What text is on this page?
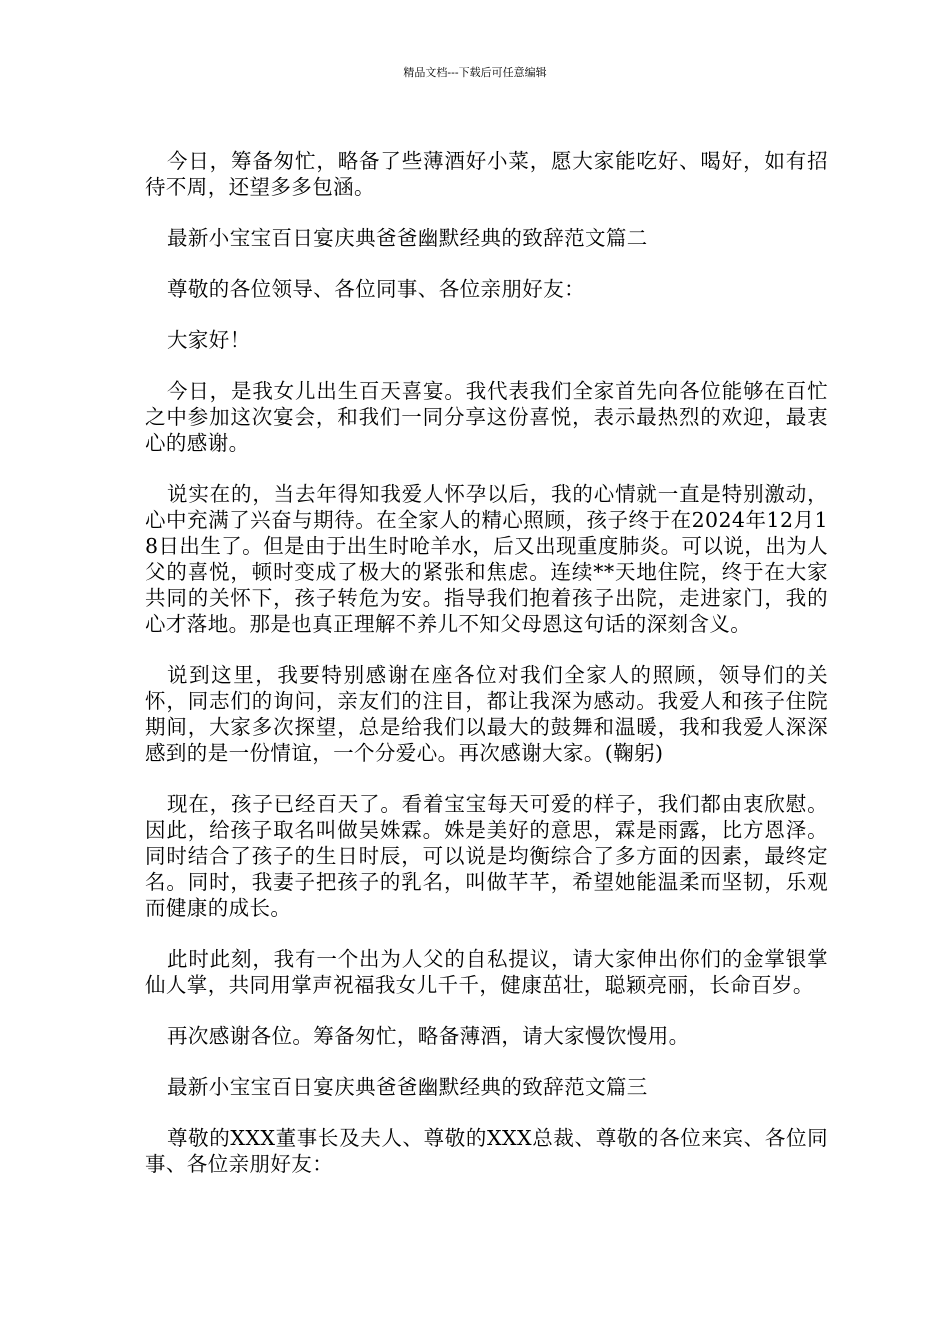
精品文档---下载后可任意编辑

今日，筹备匆忙，略备了些薄酒好小菜，愿大家能吃好、喝好，如有招待不周，还望多多包涵。

最新小宝宝百日宴庆典爸爸幽默经典的致辞范文篇二

尊敬的各位领导、各位同事、各位亲朋好友：

大家好！

今日，是我女儿出生百天喜宴。我代表我们全家首先向各位能够在百忙之中参加这次宴会，和我们一同分享这份喜悦，表示最热烈的欢迎，最衷心的感谢。

说实在的，当去年得知我爱人怀孕以后，我的心情就一直是特别激动，心中充满了兴奋与期待。在全家人的精心照顾，孩子终于在2024年12月18日出生了。但是由于出生时呛羊水，后又出现重度肺炎。可以说，出为人父的喜悦，顿时变成了极大的紧张和焦虑。连续**天地住院，终于在大家共同的关怀下，孩子转危为安。指导我们抱着孩子出院，走进家门，我的心才落地。那是也真正理解不养儿不知父母恩这句话的深刻含义。

说到这里，我要特别感谢在座各位对我们全家人的照顾，领导们的关怀，同志们的询问，亲友们的注目，都让我深为感动。我爱人和孩子住院期间，大家多次探望，总是给我们以最大的鼓舞和温暖，我和我爱人深深感到的是一份情谊，一个分爱心。再次感谢大家。(鞠躬)

现在，孩子已经百天了。看着宝宝每天可爱的样子，我们都由衷欣慰。因此，给孩子取名叫做吴姝霖。姝是美好的意思，霖是雨露，比方恩泽。同时结合了孩子的生日时辰，可以说是均衡综合了多方面的因素，最终定名。同时，我妻子把孩子的乳名，叫做芊芊，希望她能温柔而坚韧，乐观而健康的成长。

此时此刻，我有一个出为人父的自私提议，请大家伸出你们的金掌银掌仙人掌，共同用掌声祝福我女儿千千，健康茁壮，聪颖亮丽，长命百岁。

再次感谢各位。筹备匆忙，略备薄酒，请大家慢饮慢用。

最新小宝宝百日宴庆典爸爸幽默经典的致辞范文篇三

尊敬的XXX董事长及夫人、尊敬的XXX总裁、尊敬的各位来宾、各位同事、各位亲朋好友：
